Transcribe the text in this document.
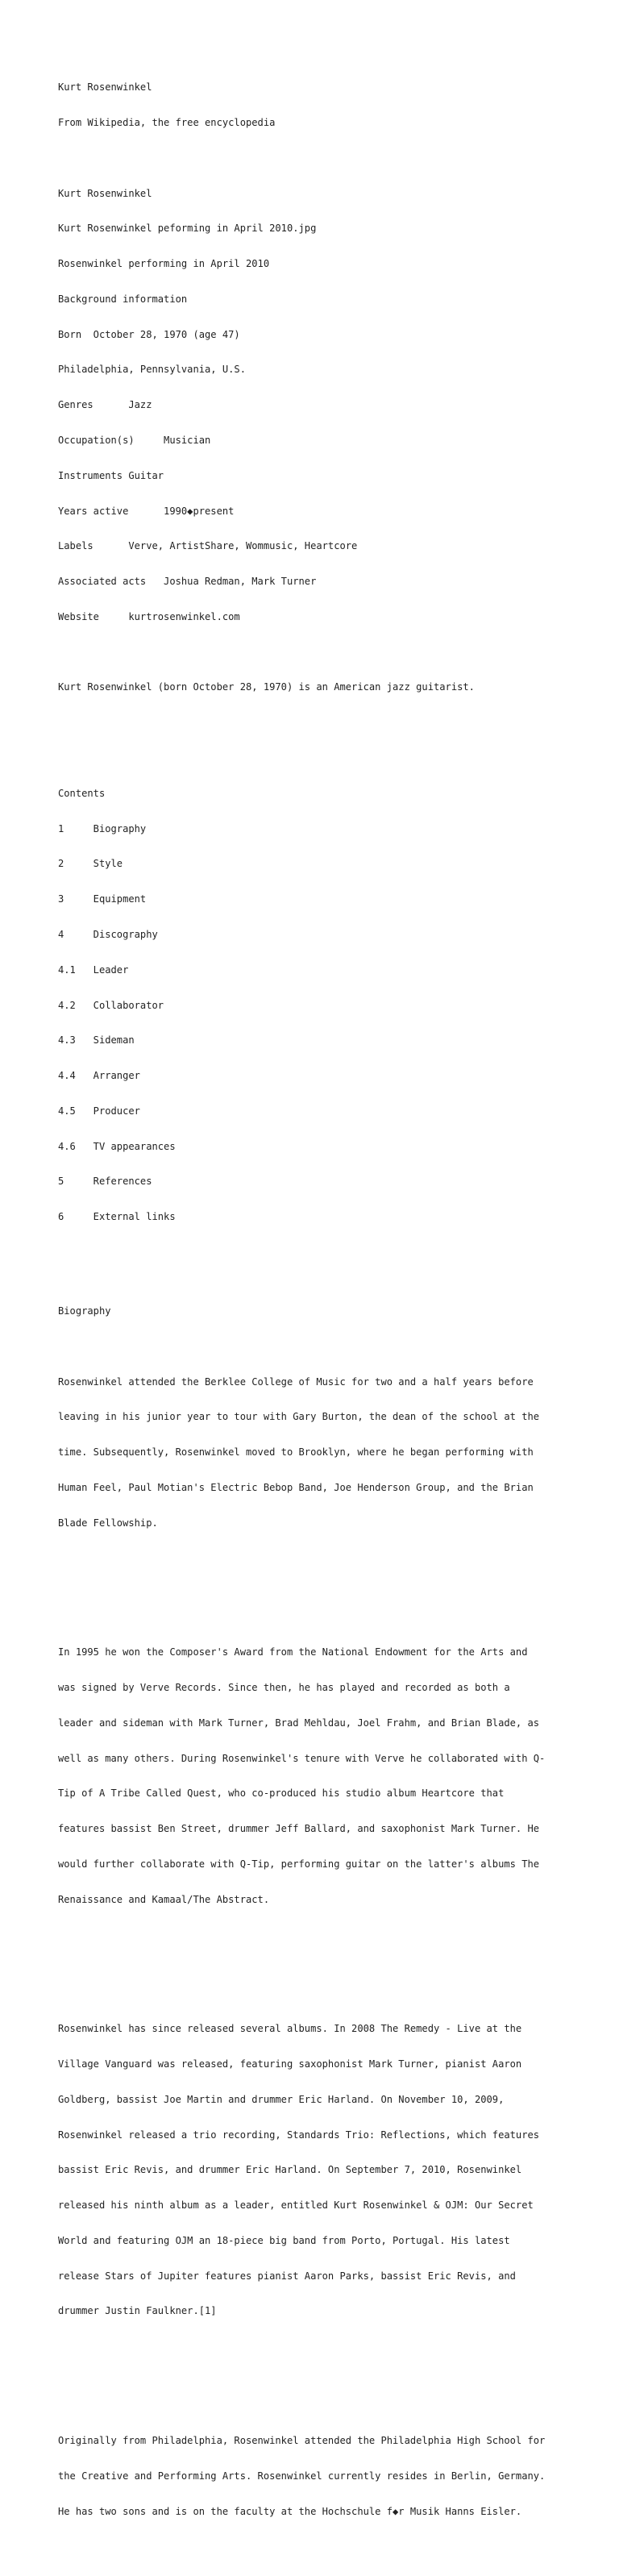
Kurt Rosenwinkel

From Wikipedia, the free encyclopedia

Kurt Rosenwinkel

Kurt Rosenwinkel peforming in April 2010.jpg

Rosenwinkel performing in April 2010

Background information

Born  October 28, 1970 (age 47)

Philadelphia, Pennsylvania, U.S.

Genres      Jazz

Occupation(s)     Musician

Instruments Guitar

Years active      1990◆present

Labels      Verve, ArtistShare, Wommusic, Heartcore

Associated acts   Joshua Redman, Mark Turner

Website     kurtrosenwinkel.com

Kurt Rosenwinkel (born October 28, 1970) is an American jazz guitarist.

Contents

1     Biography

2     Style

3     Equipment

4     Discography

4.1   Leader

4.2   Collaborator

4.3   Sideman

4.4   Arranger

4.5   Producer

4.6   TV appearances

5     References

6     External links

Biography

Rosenwinkel attended the Berklee College of Music for two and a half years before

leaving in his junior year to tour with Gary Burton, the dean of the school at the

time. Subsequently, Rosenwinkel moved to Brooklyn, where he began performing with

Human Feel, Paul Motian's Electric Bebop Band, Joe Henderson Group, and the Brian

Blade Fellowship.

In 1995 he won the Composer's Award from the National Endowment for the Arts and

was signed by Verve Records. Since then, he has played and recorded as both a

leader and sideman with Mark Turner, Brad Mehldau, Joel Frahm, and Brian Blade, as

well as many others. During Rosenwinkel's tenure with Verve he collaborated with Q-

Tip of A Tribe Called Quest, who co-produced his studio album Heartcore that

features bassist Ben Street, drummer Jeff Ballard, and saxophonist Mark Turner. He

would further collaborate with Q-Tip, performing guitar on the latter's albums The

Renaissance and Kamaal/The Abstract.

Rosenwinkel has since released several albums. In 2008 The Remedy - Live at the

Village Vanguard was released, featuring saxophonist Mark Turner, pianist Aaron

Goldberg, bassist Joe Martin and drummer Eric Harland. On November 10, 2009,

Rosenwinkel released a trio recording, Standards Trio: Reflections, which features

bassist Eric Revis, and drummer Eric Harland. On September 7, 2010, Rosenwinkel

released his ninth album as a leader, entitled Kurt Rosenwinkel & OJM: Our Secret

World and featuring OJM an 18-piece big band from Porto, Portugal. His latest

release Stars of Jupiter features pianist Aaron Parks, bassist Eric Revis, and

drummer Justin Faulkner.[1]

Originally from Philadelphia, Rosenwinkel attended the Philadelphia High School for

the Creative and Performing Arts. Rosenwinkel currently resides in Berlin, Germany.

He has two sons and is on the faculty at the Hochschule f◆r Musik Hanns Eisler.
